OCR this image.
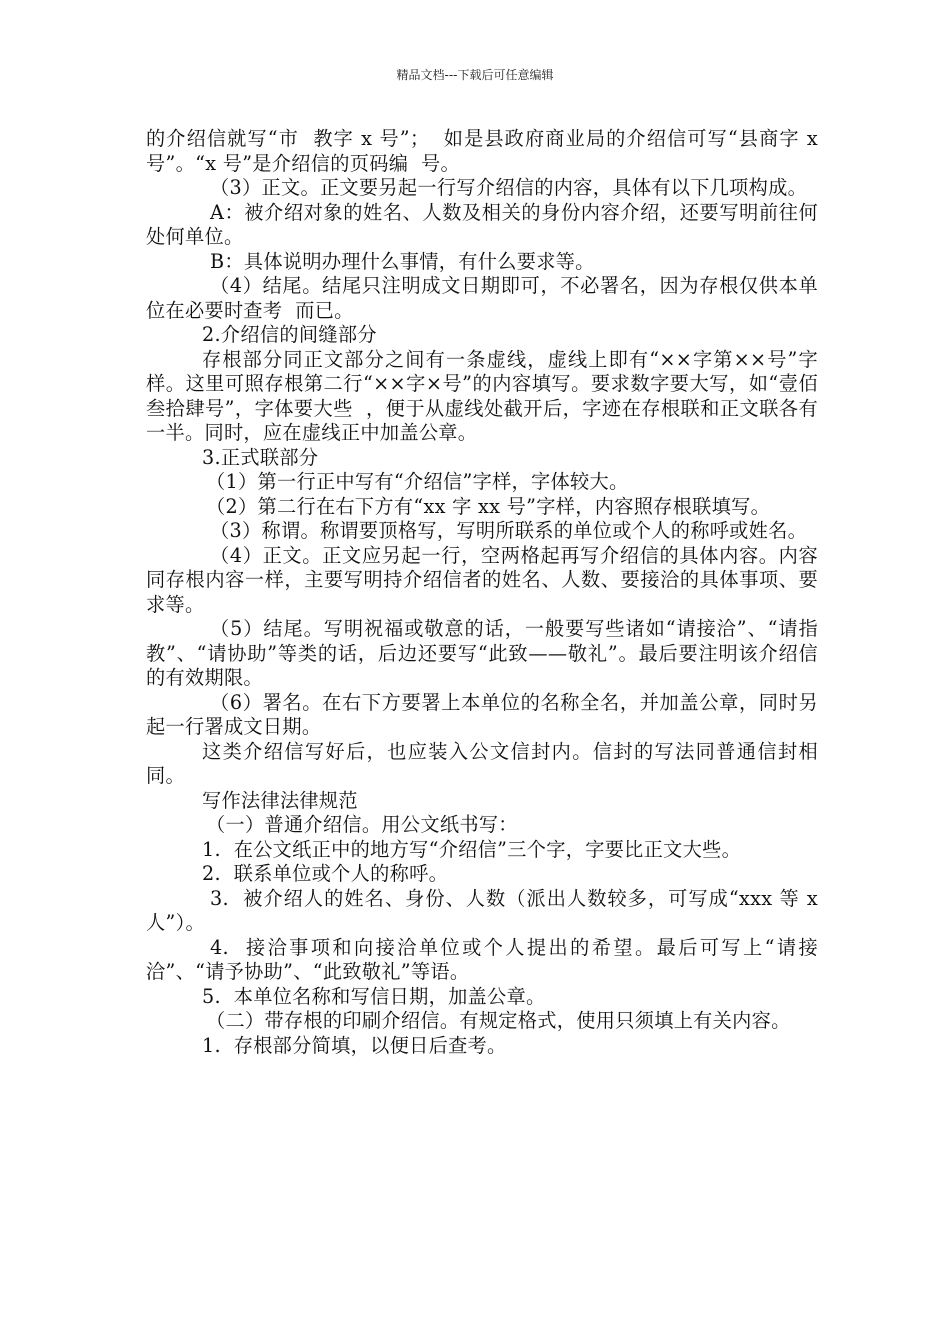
精品文档---下载后可任意编辑

的介绍信就写“市  教字 x 号”；  如是县政府商业局的介绍信可写“县商字 x 号”。“x 号”是介绍信的页码编  号。

（3）正文。正文要另起一行写介绍信的内容，具体有以下几项构成。

A：被介绍对象的姓名、人数及相关的身份内容介绍，还要写明前往何处何单位。

B：具体说明办理什么事情，有什么要求等。

（4）结尾。结尾只注明成文日期即可，不必署名，因为存根仅供本单位在必要时查考  而已。

2.介绍信的间缝部分

存根部分同正文部分之间有一条虚线，虚线上即有“××字第××号”字样。这里可照存根第二行“××字×号”的内容填写。要求数字要大写，如“壹佰叁拾肆号”，字体要大些  ，便于从虚线处截开后，字迹在存根联和正文联各有一半。同时，应在虚线正中加盖公章。

3.正式联部分

（1）第一行正中写有“介绍信”字样，字体较大。

（2）第二行在右下方有“xx 字 xx 号”字样，内容照存根联填写。

（3）称谓。称谓要顶格写，写明所联系的单位或个人的称呼或姓名。

（4）正文。正文应另起一行，空两格起再写介绍信的具体内容。内容同存根内容一样，主要写明持介绍信者的姓名、人数、要接洽的具体事项、要求等。

（5）结尾。写明祝福或敬意的话，一般要写些诸如“请接洽”、“请指教”、“请协助”等类的话，后边还要写“此致——敬礼”。最后要注明该介绍信的有效期限。

（6）署名。在右下方要署上本单位的名称全名，并加盖公章，同时另起一行署成文日期。

这类介绍信写好后，也应装入公文信封内。信封的写法同普通信封相同。

写作法律法律规范

（一）普通介绍信。用公文纸书写：

1.  在公文纸正中的地方写“介绍信”三个字，字要比正文大些。

2.  联系单位或个人的称呼。

3.  被介绍人的姓名、身份、人数（派出人数较多，可写成“xxx 等 x 人”）。

4.  接洽事项和向接洽单位或个人提出的希望。最后可写上“请接洽”、“请予协助”、“此致敬礼”等语。

5.  本单位名称和写信日期，加盖公章。

（二）带存根的印刷介绍信。有规定格式，使用只须填上有关内容。

1.  存根部分简填，以便日后查考。
